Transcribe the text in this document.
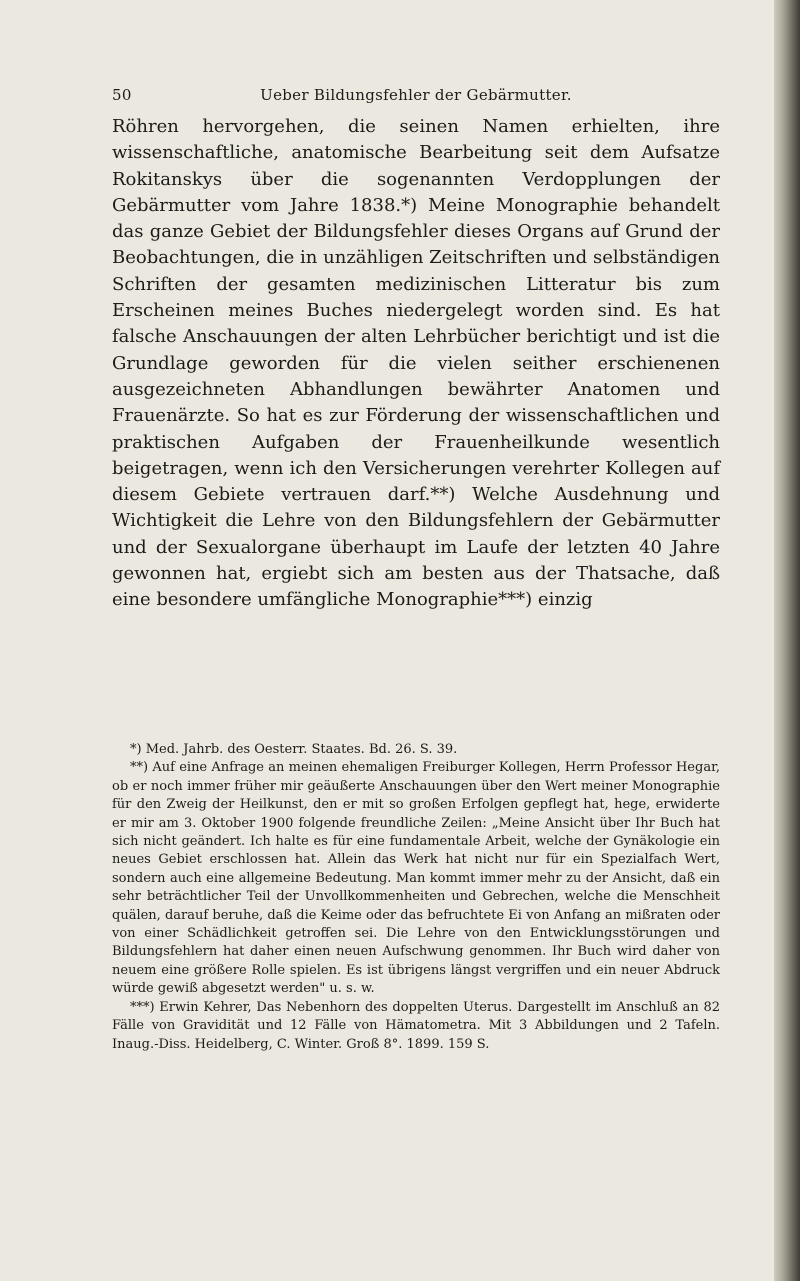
50	Ueber Bildungsfehler der Gebärmutter.

Röhren hervorgehen, die seinen Namen erhielten, ihre wissenschaftliche, anatomische Bearbeitung seit dem Aufsatze Rokitanskys über die sogenannten Verdopplungen der Gebärmutter vom Jahre 1838.*) Meine Monographie behandelt das ganze Gebiet der Bildungsfehler dieses Organs auf Grund der Beobachtungen, die in unzähligen Zeitschriften und selbständigen Schriften der gesamten medizinischen Litteratur bis zum Erscheinen meines Buches niedergelegt worden sind. Es hat falsche Anschauungen der alten Lehrbücher berichtigt und ist die Grundlage geworden für die vielen seither erschienenen ausgezeichneten Abhandlungen bewährter Anatomen und Frauenärzte. So hat es zur Förderung der wissenschaftlichen und praktischen Aufgaben der Frauenheilkunde wesentlich beigetragen, wenn ich den Versicherungen verehrter Kollegen auf diesem Gebiete vertrauen darf.**) Welche Ausdehnung und Wichtigkeit die Lehre von den Bildungsfehlern der Gebärmutter und der Sexualorgane überhaupt im Laufe der letzten 40 Jahre gewonnen hat, ergiebt sich am besten aus der Thatsache, daß eine besondere umfängliche Monographie***) einzig

*) Med. Jahrb. des Oesterr. Staates. Bd. 26. S. 39.

**) Auf eine Anfrage an meinen ehemaligen Freiburger Kollegen, Herrn Professor Hegar, ob er noch immer früher mir geäußerte Anschauungen über den Wert meiner Monographie für den Zweig der Heilkunst, den er mit so großen Erfolgen gepflegt hat, hege, erwiderte er mir am 3. Oktober 1900 folgende freundliche Zeilen: „Meine Ansicht über Ihr Buch hat sich nicht geändert. Ich halte es für eine fundamentale Arbeit, welche der Gynäkologie ein neues Gebiet erschlossen hat. Allein das Werk hat nicht nur für ein Spezialfach Wert, sondern auch eine allgemeine Bedeutung. Man kommt immer mehr zu der Ansicht, daß ein sehr beträchtlicher Teil der Unvollkommenheiten und Gebrechen, welche die Menschheit quälen, darauf beruhe, daß die Keime oder das befruchtete Ei von Anfang an mißraten oder von einer Schädlichkeit getroffen sei. Die Lehre von den Entwicklungsstörungen und Bildungsfehlern hat daher einen neuen Aufschwung genommen. Ihr Buch wird daher von neuem eine größere Rolle spielen. Es ist übrigens längst vergriffen und ein neuer Abdruck würde gewiß abgesetzt werden" u. s. w.

***) Erwin Kehrer, Das Nebenhorn des doppelten Uterus. Dargestellt im Anschluß an 82 Fälle von Gravidität und 12 Fälle von Hämatometra. Mit 3 Abbildungen und 2 Tafeln. Inaug.-Diss. Heidelberg, C. Winter. Groß 8°. 1899. 159 S.
